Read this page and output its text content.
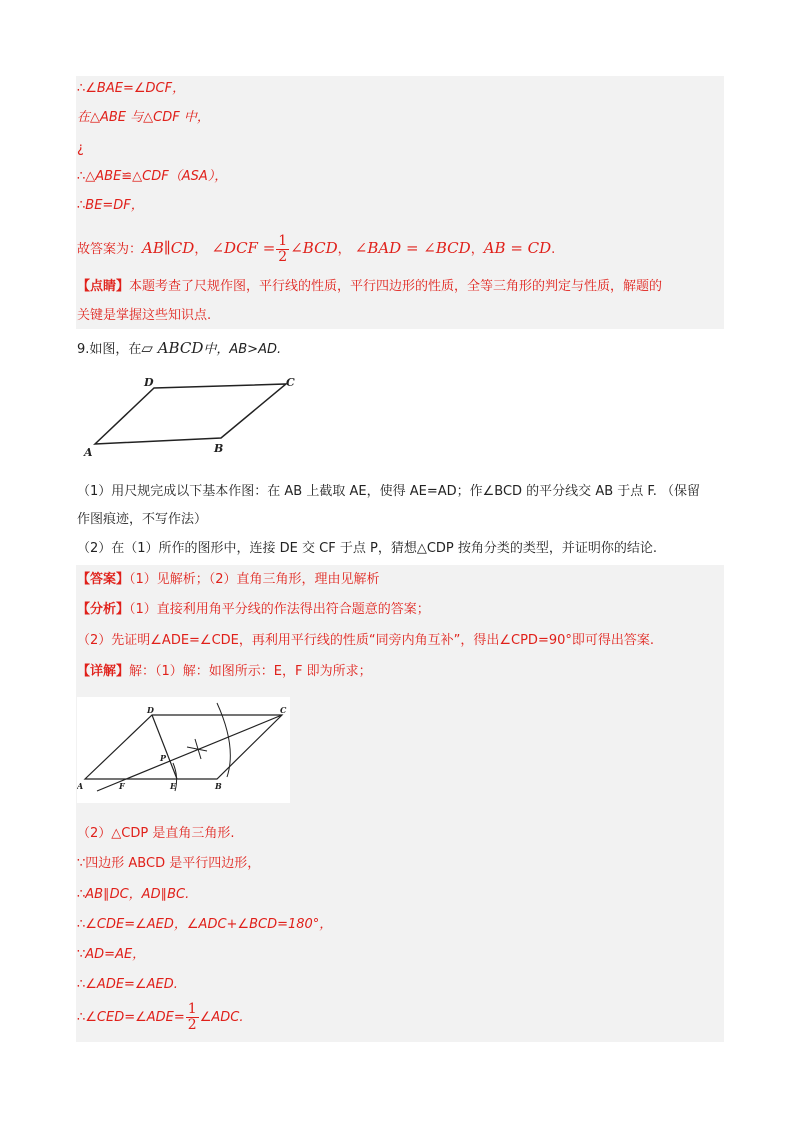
∴∠BAE=∠DCF，
在△ABE 与△CDF 中，
¿
∴△ABE≌△CDF（ASA），
∴BE=DF，
故答案为：AB∥CD， ∠DCF = $\frac{1}{2}$ ∠BCD， ∠BAD = ∠BCD，AB = CD.
【点睛】本题考查了尺规作图，平行线的性质，平行四边形的性质，全等三角形的判定与性质，解题的
关键是掌握这些知识点.
9.如图，在▱ ABCD中，AB>AD.
D	C
A	B
（1）用尺规完成以下基本作图：在 AB 上截取 AE，使得 AE=AD；作∠BCD 的平分线交 AB 于点 F. （保留
作图痕迹，不写作法）
（2）在（1）所作的图形中，连接 DE 交 CF 于点 P，猜想△CDP 按角分类的类型，并证明你的结论.
【答案】（1）见解析；（2）直角三角形，理由见解析
【分析】（1）直接利用角平分线的作法得出符合题意的答案；
（2）先证明∠ADE=∠CDE，再利用平行线的性质“同旁内角互补”，得出∠CPD=90°即可得出答案.
【详解】解：（1）解：如图所示：E，F 即为所求；
D	C
P
A	F	E	B
（2）△CDP 是直角三角形.
∵四边形 ABCD 是平行四边形，
∴AB∥DC，AD∥BC.
∴∠CDE=∠AED，∠ADC+∠BCD=180°，
∵AD=AE，
∴∠ADE=∠AED.
∴∠CED=∠ADE= $\frac{1}{2}$ ∠ADC.
